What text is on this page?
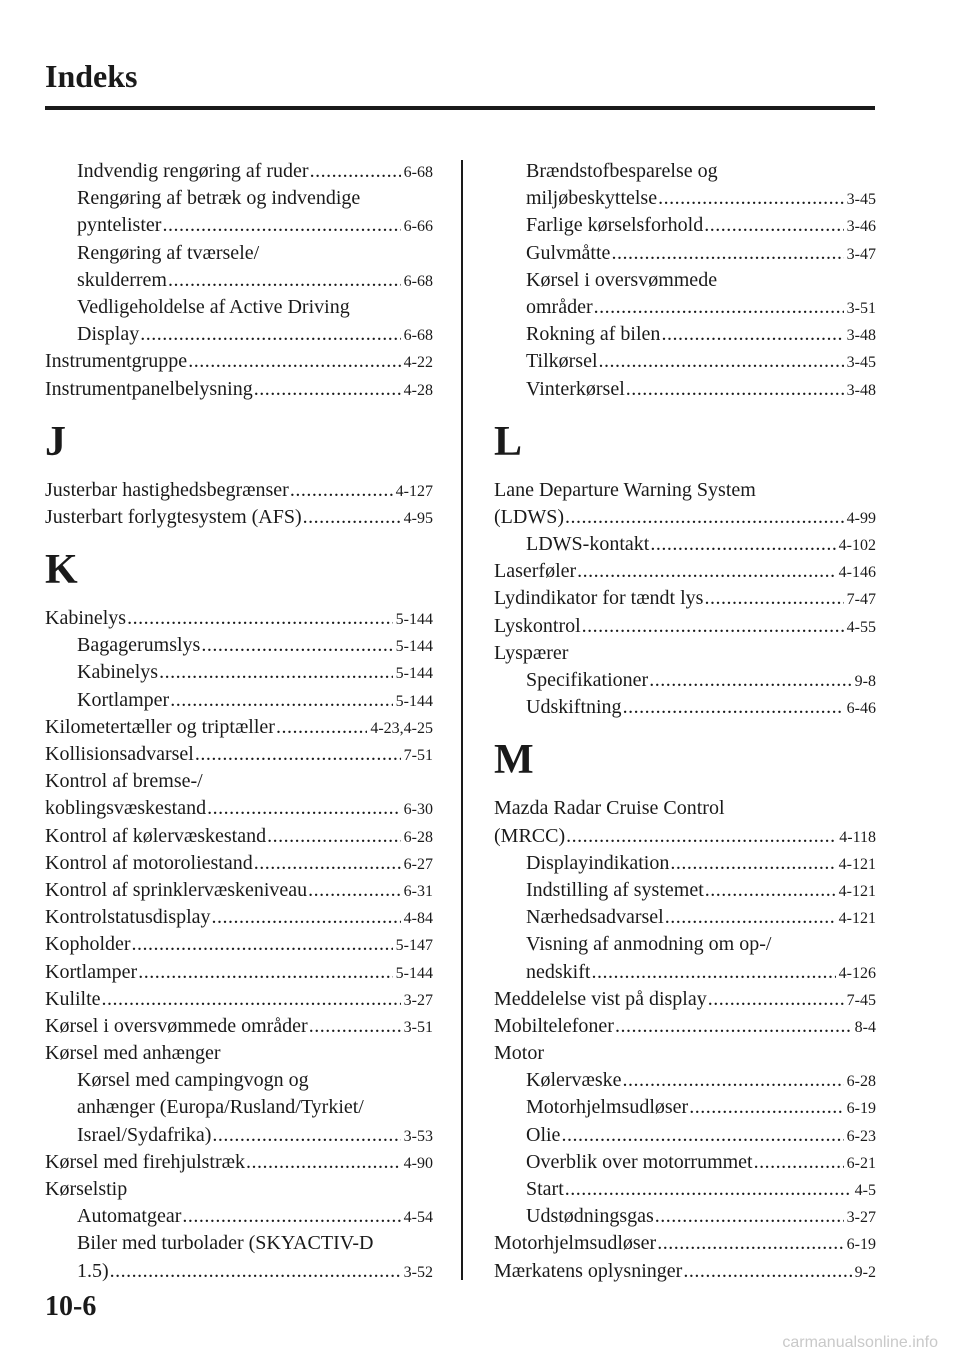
Indeks
Indvendig rengøring af ruder .....	6-68
Rengøring af betræk og indvendige
pyntelister .....	6-66
Rengøring af tværsele/
skulderrem .....	6-68
Vedligeholdelse af Active Driving
Display .....	6-68
Instrumentgruppe .....	4-22
Instrumentpanelbelysning .....	4-28
J
Justerbar hastighedsbegrænser .....	4-127
Justerbart forlygtesystem (AFS) .....	4-95
K
Kabinelys .....	5-144
Bagagerumslys .....	5-144
Kabinelys .....	5-144
Kortlamper .....	5-144
Kilometertæller og triptæller .....	4-23,4-25
Kollisionsadvarsel .....	7-51
Kontrol af bremse-/
koblingsvæskestand .....	6-30
Kontrol af kølervæskestand .....	6-28
Kontrol af motoroliestand .....	6-27
Kontrol af sprinklervæskeniveau .....	6-31
Kontrolstatusdisplay .....	4-84
Kopholder .....	5-147
Kortlamper .....	5-144
Kulilte .....	3-27
Kørsel i oversvømmede områder .....	3-51
Kørsel med anhænger
Kørsel med campingvogn og
anhænger (Europa/Rusland/Tyrkiet/
Israel/Sydafrika) .....	3-53
Kørsel med firehjulstræk .....	4-90
Kørselstip
Automatgear .....	4-54
Biler med turbolader (SKYACTIV-D
1.5) .....	3-52
Brændstofbesparelse og
miljøbeskyttelse .....	3-45
Farlige kørselsforhold .....	3-46
Gulvmåtte .....	3-47
Kørsel i oversvømmede
områder .....	3-51
Rokning af bilen .....	3-48
Tilkørsel .....	3-45
Vinterkørsel .....	3-48
L
Lane Departure Warning System
(LDWS) .....	4-99
LDWS-kontakt .....	4-102
Laserføler .....	4-146
Lydindikator for tændt lys .....	7-47
Lyskontrol .....	4-55
Lyspærer
Specifikationer .....	9-8
Udskiftning .....	6-46
M
Mazda Radar Cruise Control
(MRCC) .....	4-118
Displayindikation .....	4-121
Indstilling af systemet .....	4-121
Nærhedsadvarsel .....	4-121
Visning af anmodning om op-/
nedskift .....	4-126
Meddelelse vist på display .....	7-45
Mobiltelefoner .....	8-4
Motor
Kølervæske .....	6-28
Motorhjelmsudløser .....	6-19
Olie .....	6-23
Overblik over motorrummet .....	6-21
Start .....	4-5
Udstødningsgas .....	3-27
Motorhjelmsudløser .....	6-19
Mærkatens oplysninger .....	9-2
10-6
carmanualsonline.info
